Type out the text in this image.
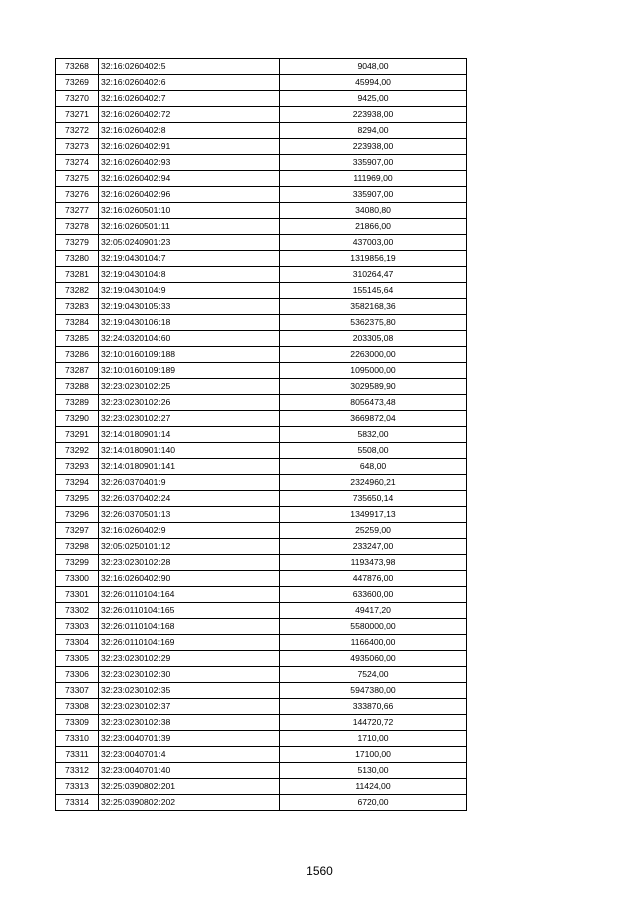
73268	32:16:0260402:5	9048,00
73269	32:16:0260402:6	45994,00
73270	32:16:0260402:7	9425,00
73271	32:16:0260402:72	223938,00
73272	32:16:0260402:8	8294,00
73273	32:16:0260402:91	223938,00
73274	32:16:0260402:93	335907,00
73275	32:16:0260402:94	111969,00
73276	32:16:0260402:96	335907,00
73277	32:16:0260501:10	34080,80
73278	32:16:0260501:11	21866,00
73279	32:05:0240901:23	437003,00
73280	32:19:0430104:7	1319856,19
73281	32:19:0430104:8	310264,47
73282	32:19:0430104:9	155145,64
73283	32:19:0430105:33	3582168,36
73284	32:19:0430106:18	5362375,80
73285	32:24:0320104:60	203305,08
73286	32:10:0160109:188	2263000,00
73287	32:10:0160109:189	1095000,00
73288	32:23:0230102:25	3029589,90
73289	32:23:0230102:26	8056473,48
73290	32:23:0230102:27	3669872,04
73291	32:14:0180901:14	5832,00
73292	32:14:0180901:140	5508,00
73293	32:14:0180901:141	648,00
73294	32:26:0370401:9	2324960,21
73295	32:26:0370402:24	735650,14
73296	32:26:0370501:13	1349917,13
73297	32:16:0260402:9	25259,00
73298	32:05:0250101:12	233247,00
73299	32:23:0230102:28	1193473,98
73300	32:16:0260402:90	447876,00
73301	32:26:0110104:164	633600,00
73302	32:26:0110104:165	49417,20
73303	32:26:0110104:168	5580000,00
73304	32:26:0110104:169	1166400,00
73305	32:23:0230102:29	4935060,00
73306	32:23:0230102:30	7524,00
73307	32:23:0230102:35	5947380,00
73308	32:23:0230102:37	333870,66
73309	32:23:0230102:38	144720,72
73310	32:23:0040701:39	1710,00
73311	32:23:0040701:4	17100,00
73312	32:23:0040701:40	5130,00
73313	32:25:0390802:201	11424,00
73314	32:25:0390802:202	6720,00
1560
